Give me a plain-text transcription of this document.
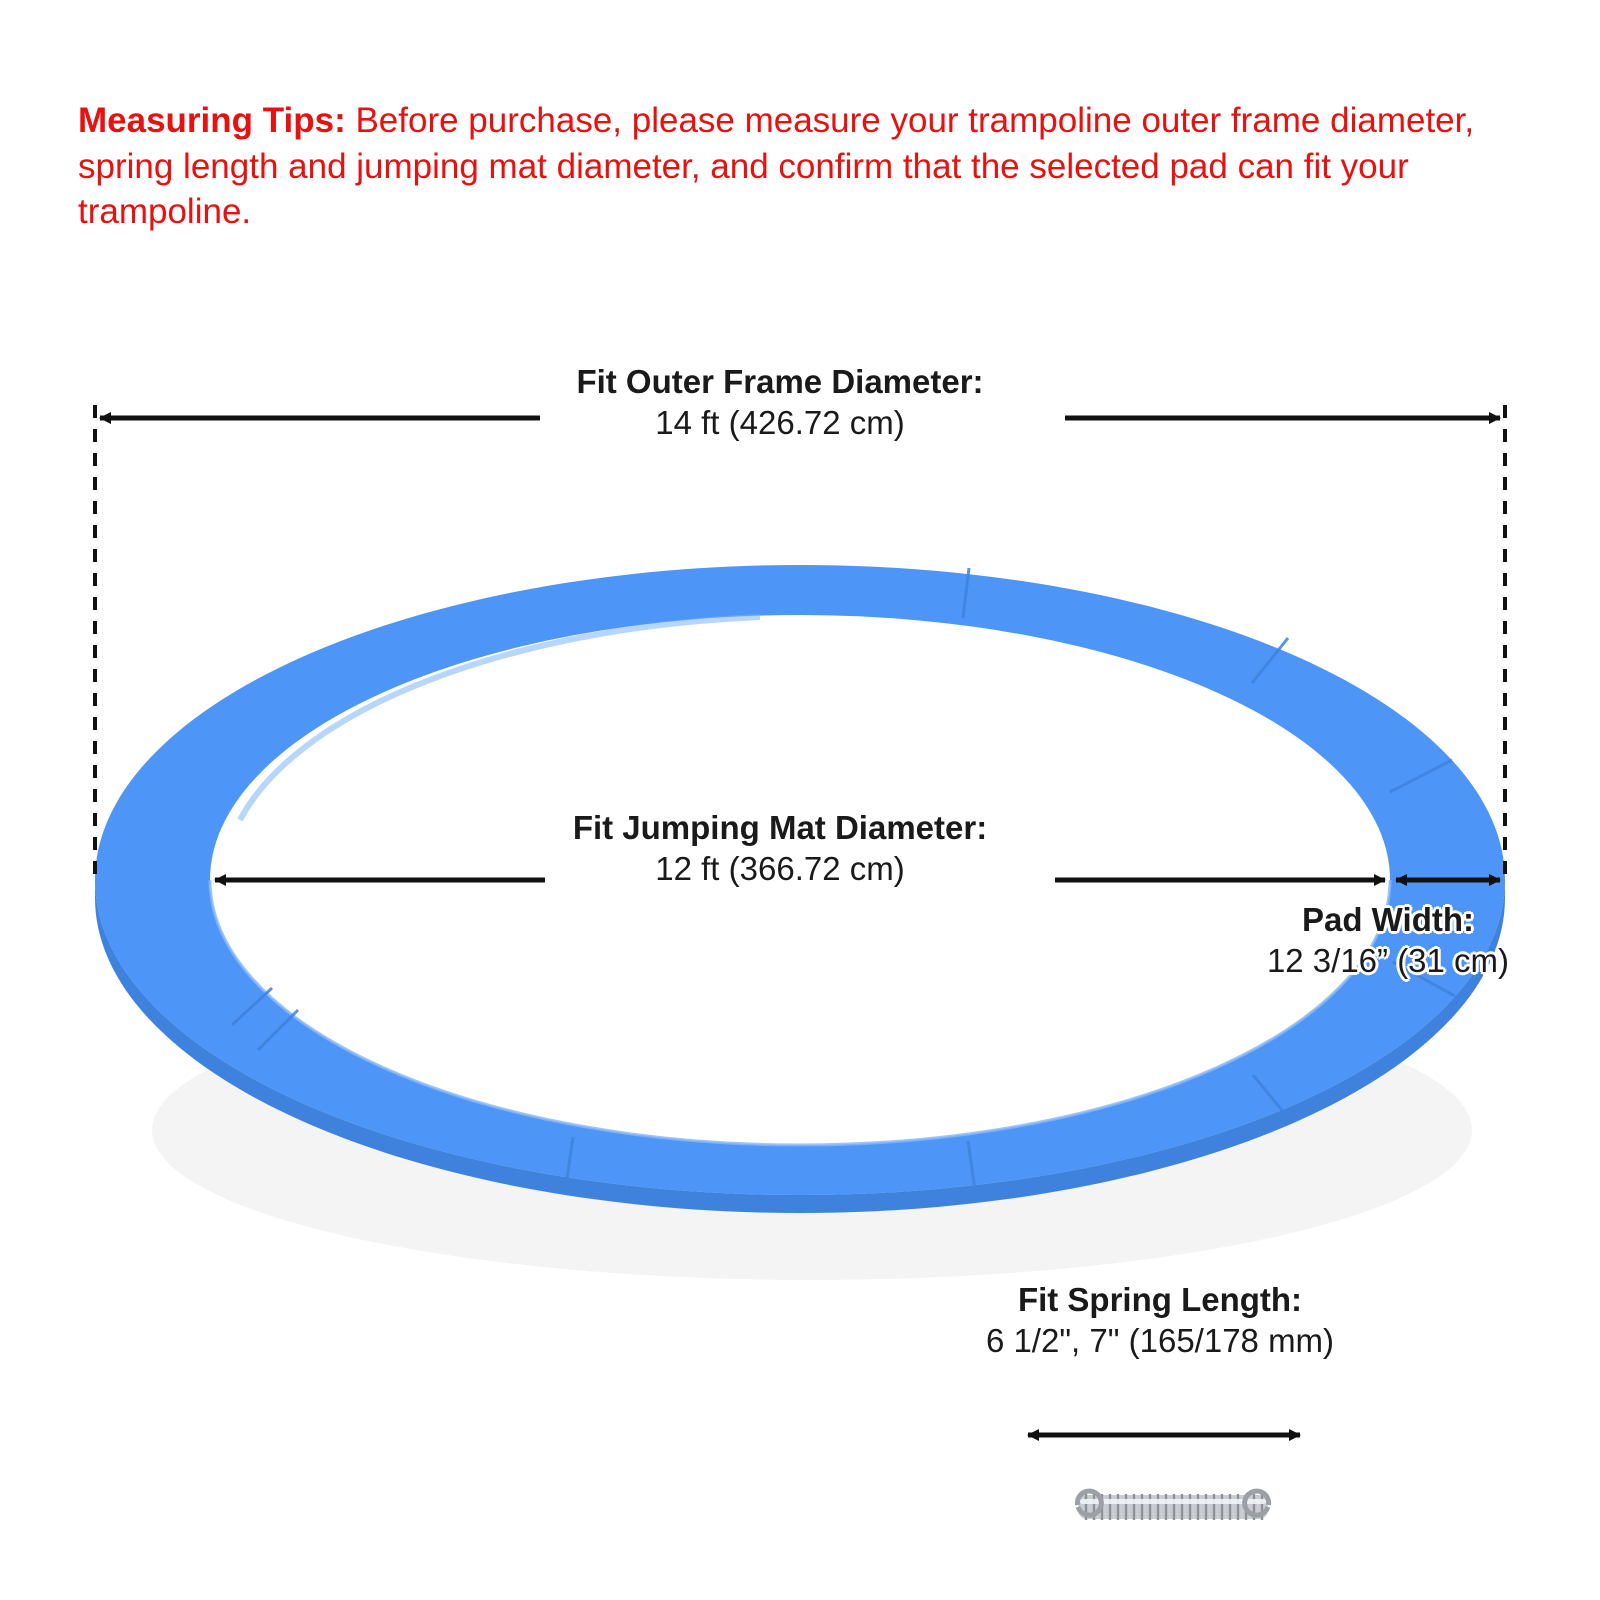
Measuring Tips: Before purchase, please measure your trampoline outer frame diameter, spring length and jumping mat diameter, and confirm that the selected pad can fit your trampoline.
Fit Outer Frame Diameter:
14 ft (426.72 cm)
Fit Jumping Mat Diameter:
12 ft (366.72 cm)
Pad Width:
12 3/16” (31 cm)
Fit Spring Length:
6 1/2", 7" (165/178 mm)
